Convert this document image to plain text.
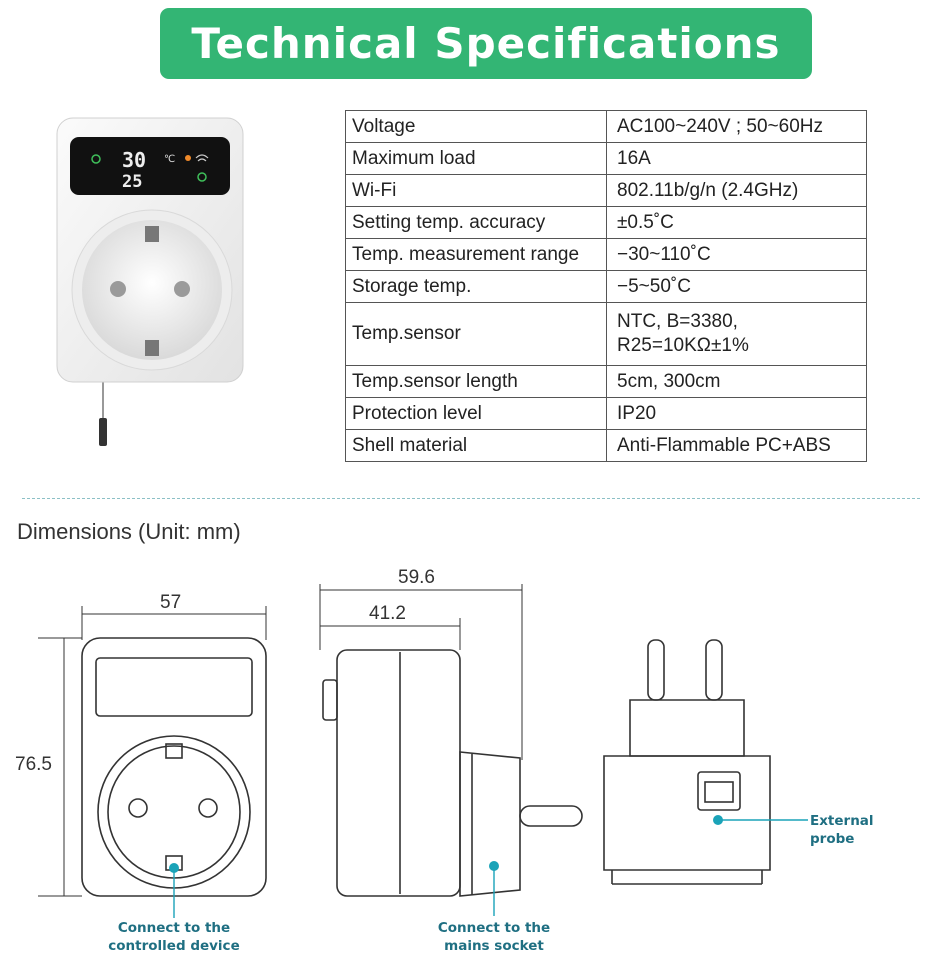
Technical Specifications
30 ℃
25
Voltage	AC100~240V ; 50~60Hz
Maximum load	16A
Wi-Fi	802.11b/g/n (2.4GHz)
Setting temp. accuracy	±0.5˚C
Temp. measurement range	−30~110˚C
Storage temp.	−5~50˚C
Temp.sensor	NTC, B=3380,
R25=10KΩ±1%

Temp.sensor length	5cm, 300cm
Protection level	IP20
Shell material	Anti-Flammable PC+ABS
Dimensions (Unit: mm)
57
76.5
59.6
41.2
Connect to the
controlled device
Connect to the
mains socket
External probe
